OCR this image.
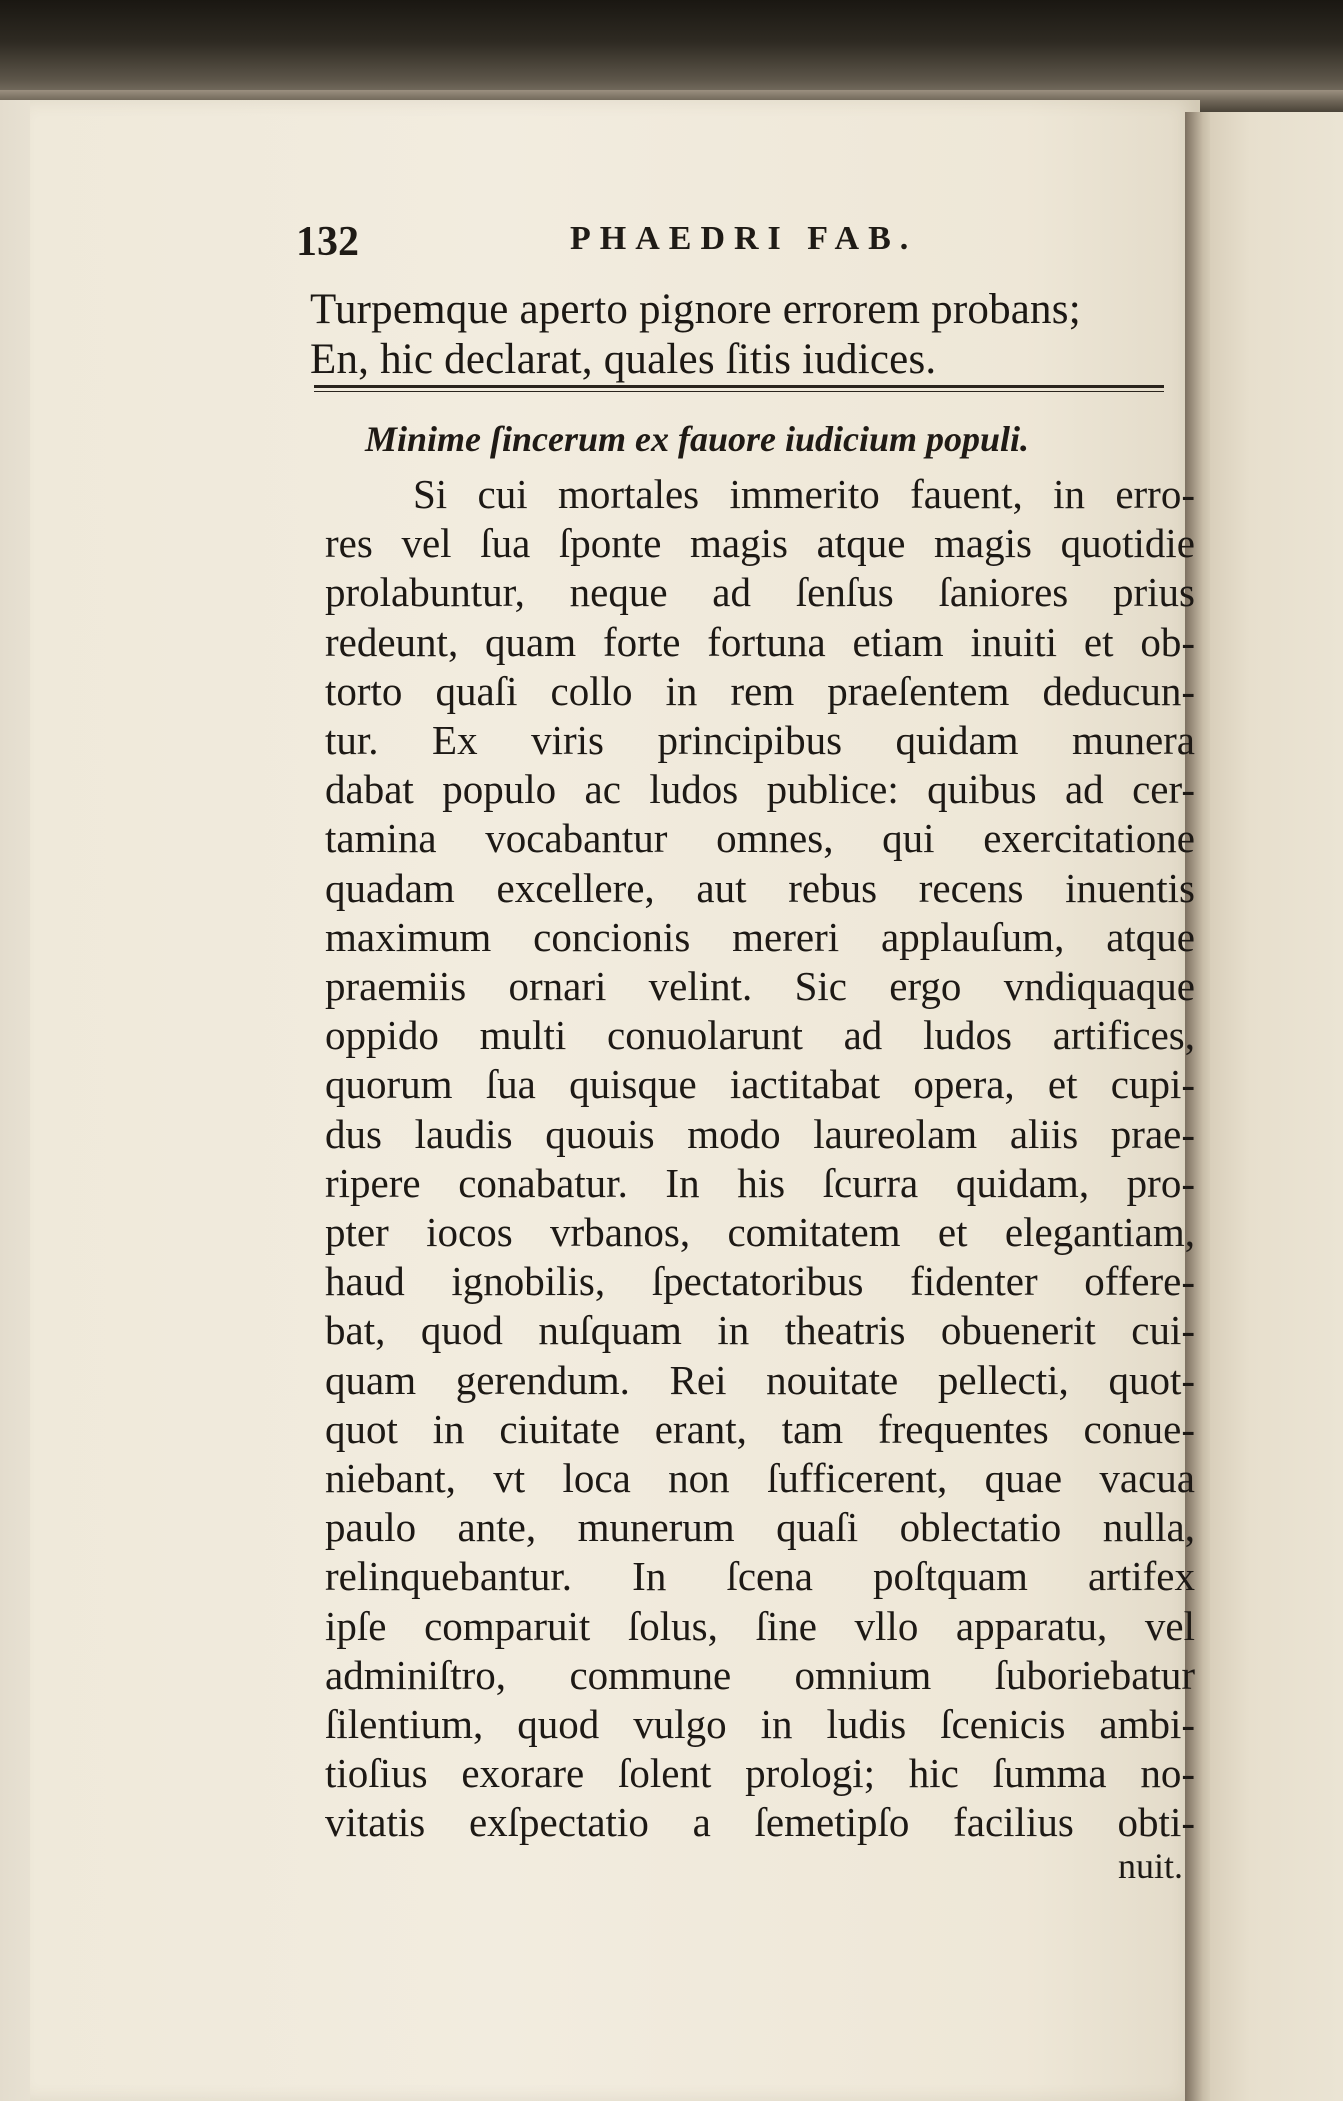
132	PHAEDRI FAB.
Turpemque aperto pignore errorem probans;
En, hic declarat, quales ſitis iudices.
Minime ſincerum ex fauore iudicium populi.
Si cui mortales immerito fauent, in erro-
res vel ſua ſponte magis atque magis quotidie
prolabuntur, neque ad ſenſus ſaniores prius
redeunt, quam forte fortuna etiam inuiti et ob-
torto quaſi collo in rem praeſentem deducun-
tur. Ex viris principibus quidam munera
dabat populo ac ludos publice: quibus ad cer-
tamina vocabantur omnes, qui exercitatione
quadam excellere, aut rebus recens inuentis
maximum concionis mereri applauſum, atque
praemiis ornari velint. Sic ergo vndiquaque
oppido multi conuolarunt ad ludos artifices,
quorum ſua quisque iactitabat opera, et cupi-
dus laudis quouis modo laureolam aliis prae-
ripere conabatur. In his ſcurra quidam, pro-
pter iocos vrbanos, comitatem et elegantiam,
haud ignobilis, ſpectatoribus fidenter offere-
bat, quod nuſquam in theatris obuenerit cui-
quam gerendum. Rei nouitate pellecti, quot-
quot in ciuitate erant, tam frequentes conue-
niebant, vt loca non ſufficerent, quae vacua
paulo ante, munerum quaſi oblectatio nulla,
relinquebantur. In ſcena poſtquam artifex
ipſe comparuit ſolus, ſine vllo apparatu, vel
adminiſtro, commune omnium ſuboriebatur
ſilentium, quod vulgo in ludis ſcenicis ambi-
tioſius exorare ſolent prologi; hic ſumma no-
vitatis exſpectatio a ſemetipſo facilius obti-
nuit.
